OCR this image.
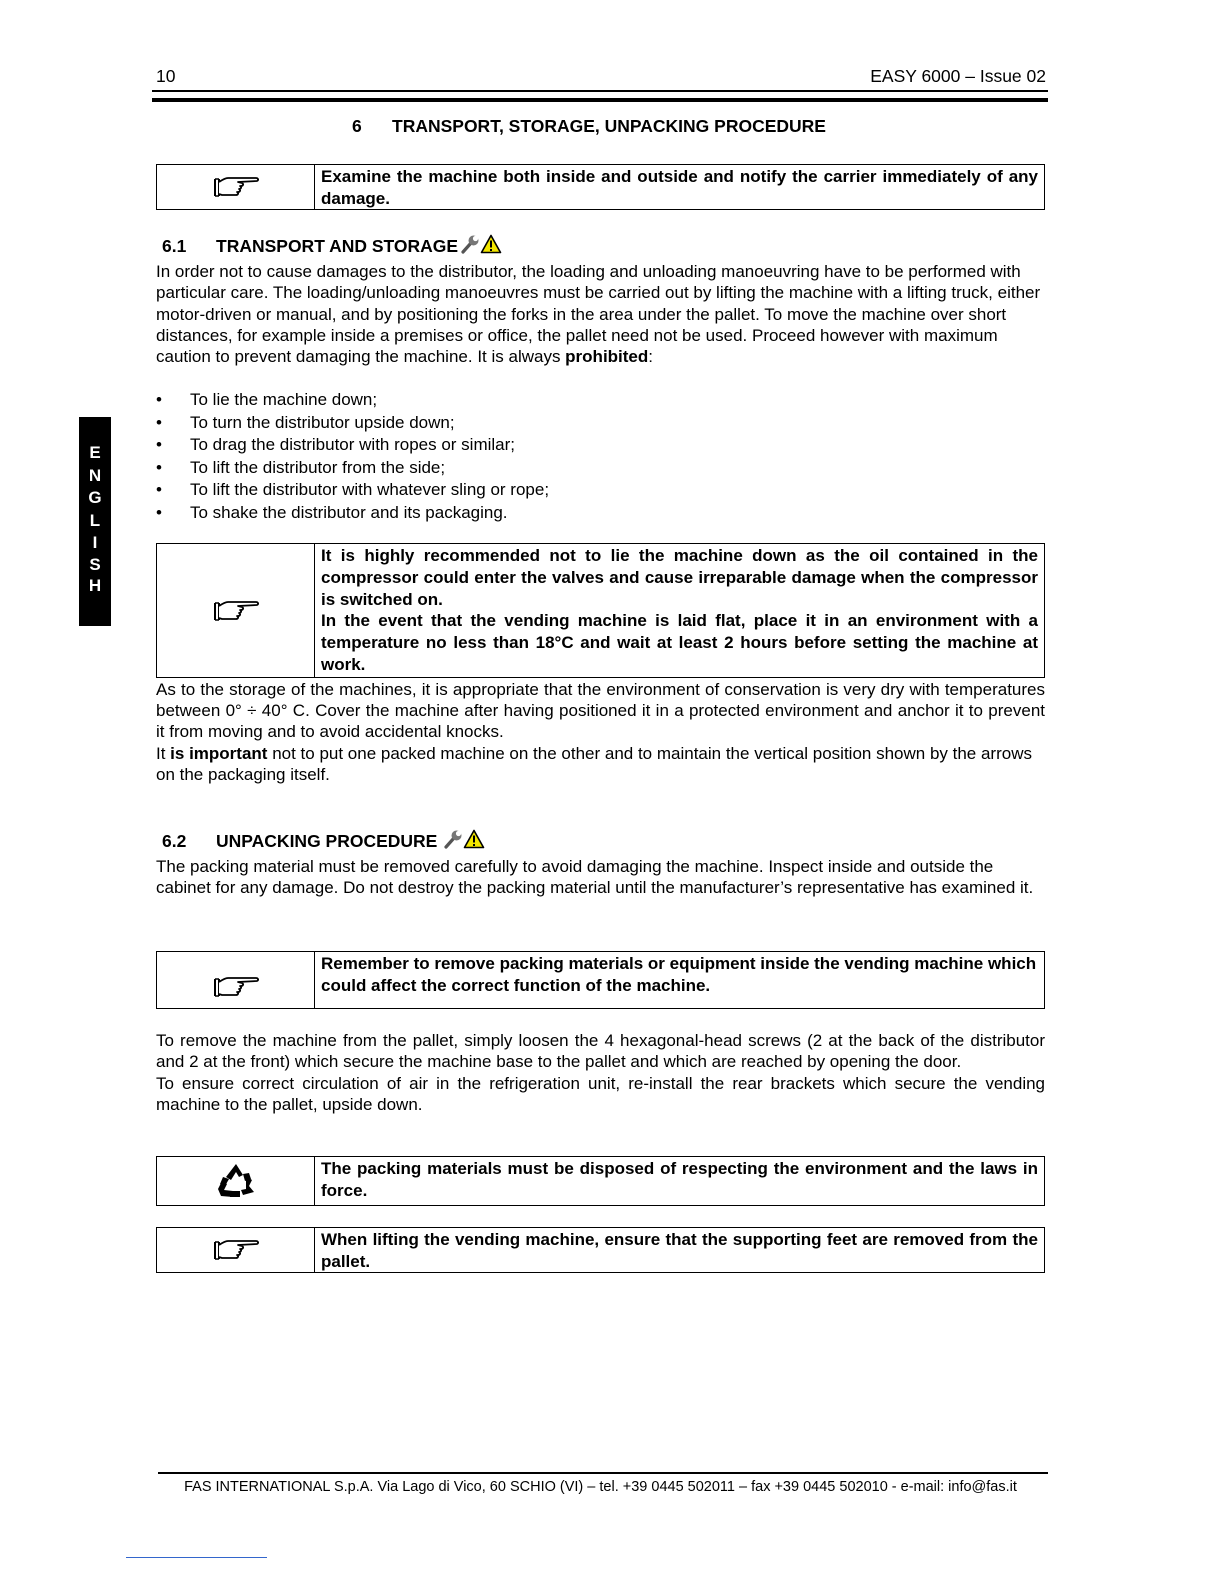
10	EASY 6000 – Issue 02
6 TRANSPORT, STORAGE, UNPACKING PROCEDURE
E
N
G
L
I
S
H
Examine the machine both inside and outside and notify the carrier immediately of any damage.
6.1 TRANSPORT AND STORAGE

In order not to cause damages to the distributor, the loading and unloading manoeuvring have to be performed with particular care. The loading/unloading manoeuvres must be carried out by lifting the machine with a lifting truck, either motor-driven or manual, and by positioning the forks in the area under the pallet. To move the machine over short distances, for example inside a premises or office, the pallet need not be used. Proceed however with maximum caution to prevent damaging the machine. It is always prohibited:

• To lie the machine down;
• To turn the distributor upside down;
• To drag the distributor with ropes or similar;
• To lift the distributor from the side;
• To lift the distributor with whatever sling or rope;
• To shake the distributor and its packaging.

It is highly recommended not to lie the machine down as the oil contained in the compressor could enter the valves and cause irreparable damage when the compressor is switched on.

In the event that the vending machine is laid flat, place it in an environment with a temperature no less than 18°C and wait at least 2 hours before setting the machine at work.

As to the storage of the machines, it is appropriate that the environment of conservation is very dry with temperatures between 0° ÷ 40° C. Cover the machine after having positioned it in a protected environment and anchor it to prevent it from moving and to avoid accidental knocks.

It is important not to put one packed machine on the other and to maintain the vertical position shown by the arrows on the packaging itself.

6.2 UNPACKING PROCEDURE

The packing material must be removed carefully to avoid damaging the machine. Inspect inside and outside the cabinet for any damage. Do not destroy the packing material until the manufacturer’s representative has examined it.

Remember to remove packing materials or equipment inside the vending machine which could affect the correct function of the machine.

To remove the machine from the pallet, simply loosen the 4 hexagonal-head screws (2 at the back of the distributor and 2 at the front) which secure the machine base to the pallet and which are reached by opening the door.

To ensure correct circulation of air in the refrigeration unit, re-install the rear brackets which secure the vending machine to the pallet, upside down.

The packing materials must be disposed of respecting the environment and the laws in force.
When lifting the vending machine, ensure that the supporting feet are removed from the pallet.
FAS INTERNATIONAL S.p.A. Via Lago di Vico, 60 SCHIO (VI) – tel. +39 0445 502011 – fax +39 0445 502010 - e-mail: info@fas.it
